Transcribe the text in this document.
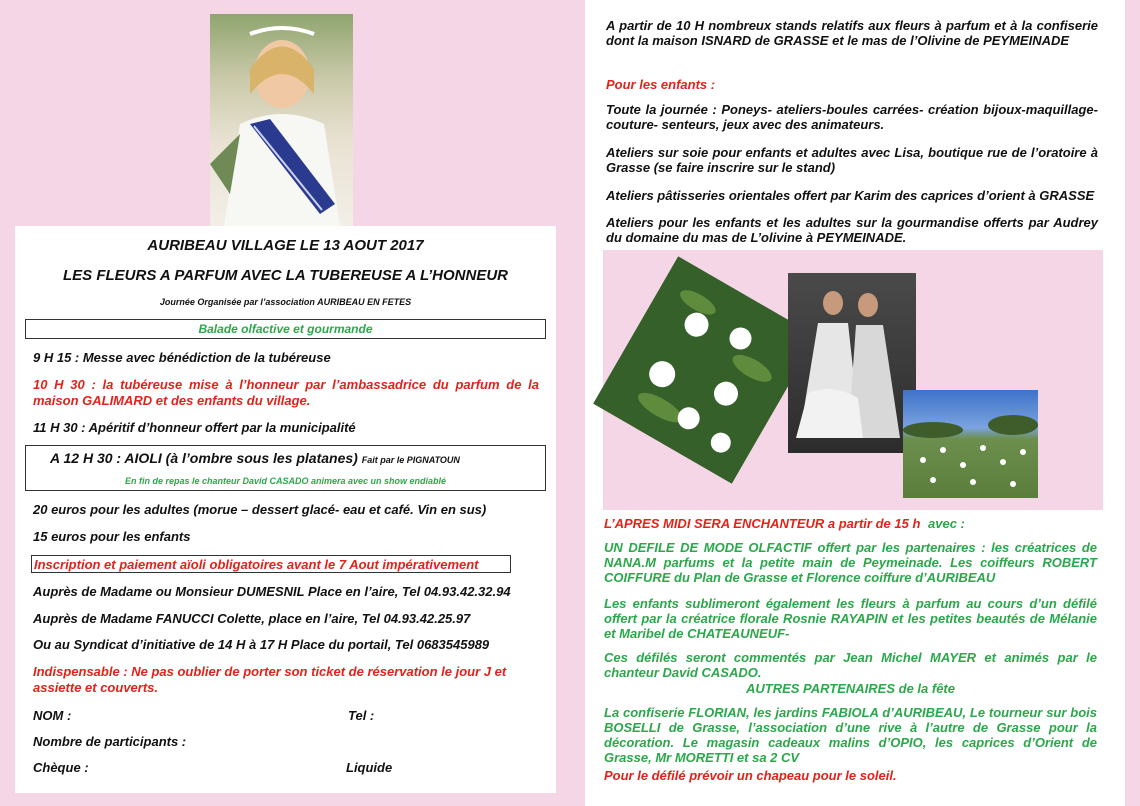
AURIBEAU VILLAGE LE 13 AOUT 2017
LES FLEURS A PARFUM AVEC LA TUBEREUSE A L’HONNEUR
Journée Organisée par l’association AURIBEAU EN FETES
Balade olfactive et gourmande
9 H 15 : Messe avec bénédiction de la tubéreuse
10 H 30 : la tubéreuse mise à l’honneur par l’ambassadrice du parfum de la maison GALIMARD et des enfants du village.
11 H 30 : Apéritif d’honneur offert par la municipalité
A 12 H 30 : AIOLI (à l’ombre sous les platanes) Fait par le PIGNATOUN
En fin de repas le chanteur David CASADO animera avec un show endiablé
20 euros pour les adultes (morue – dessert glacé- eau et café. Vin en sus)
15 euros pour les enfants
Inscription et paiement aïoli obligatoires avant le 7 Aout impérativement
Auprès de Madame ou Monsieur DUMESNIL Place en l’aire, Tel 04.93.42.32.94
Auprès de Madame FANUCCI Colette, place en l’aire, Tel 04.93.42.25.97
Ou au Syndicat d’initiative de 14 H à 17 H Place du portail, Tel 0683545989
Indispensable : Ne pas oublier de porter son ticket de réservation le jour J et assiette et couverts.
NOM :	Tel :
Nombre de participants :
Chèque :	Liquide
A partir de 10 H nombreux stands relatifs aux fleurs à parfum et à la confiserie dont la maison ISNARD de GRASSE et le mas de l’Olivine de PEYMEINADE
Pour les enfants :
Toute la journée : Poneys- ateliers-boules carrées- création bijoux-maquillage-couture- senteurs, jeux avec des animateurs.
Ateliers sur soie pour enfants et adultes avec Lisa, boutique rue de l’oratoire à Grasse (se faire inscrire sur le stand)
Ateliers pâtisseries orientales offert par Karim des caprices d’orient à GRASSE
Ateliers pour les enfants et les adultes sur la gourmandise offerts par Audrey du domaine du mas de L’olivine à PEYMEINADE.
L’APRES MIDI SERA ENCHANTEUR a partir de 15 h avec :
UN DEFILE DE MODE OLFACTIF offert par les partenaires : les créatrices de NANA.M parfums et la petite main de Peymeinade. Les coiffeurs ROBERT COIFFURE du Plan de Grasse et Florence coiffure d’AURIBEAU
Les enfants sublimeront également les fleurs à parfum au cours d’un défilé offert par la créatrice florale Rosnie RAYAPIN et les petites beautés de Mélanie et Maribel de CHATEAUNEUF-
Ces défilés seront commentés par Jean Michel MAYER et animés par le chanteur David CASADO.
AUTRES PARTENAIRES de la fête
La confiserie FLORIAN, les jardins FABIOLA d’AURIBEAU, Le tourneur sur bois BOSELLI de Grasse, l’association d’une rive à l’autre de Grasse pour la décoration. Le magasin cadeaux malins d’OPIO, les caprices d’Orient de Grasse, Mr MORETTI et sa 2 CV
Pour le défilé prévoir un chapeau pour le soleil.
